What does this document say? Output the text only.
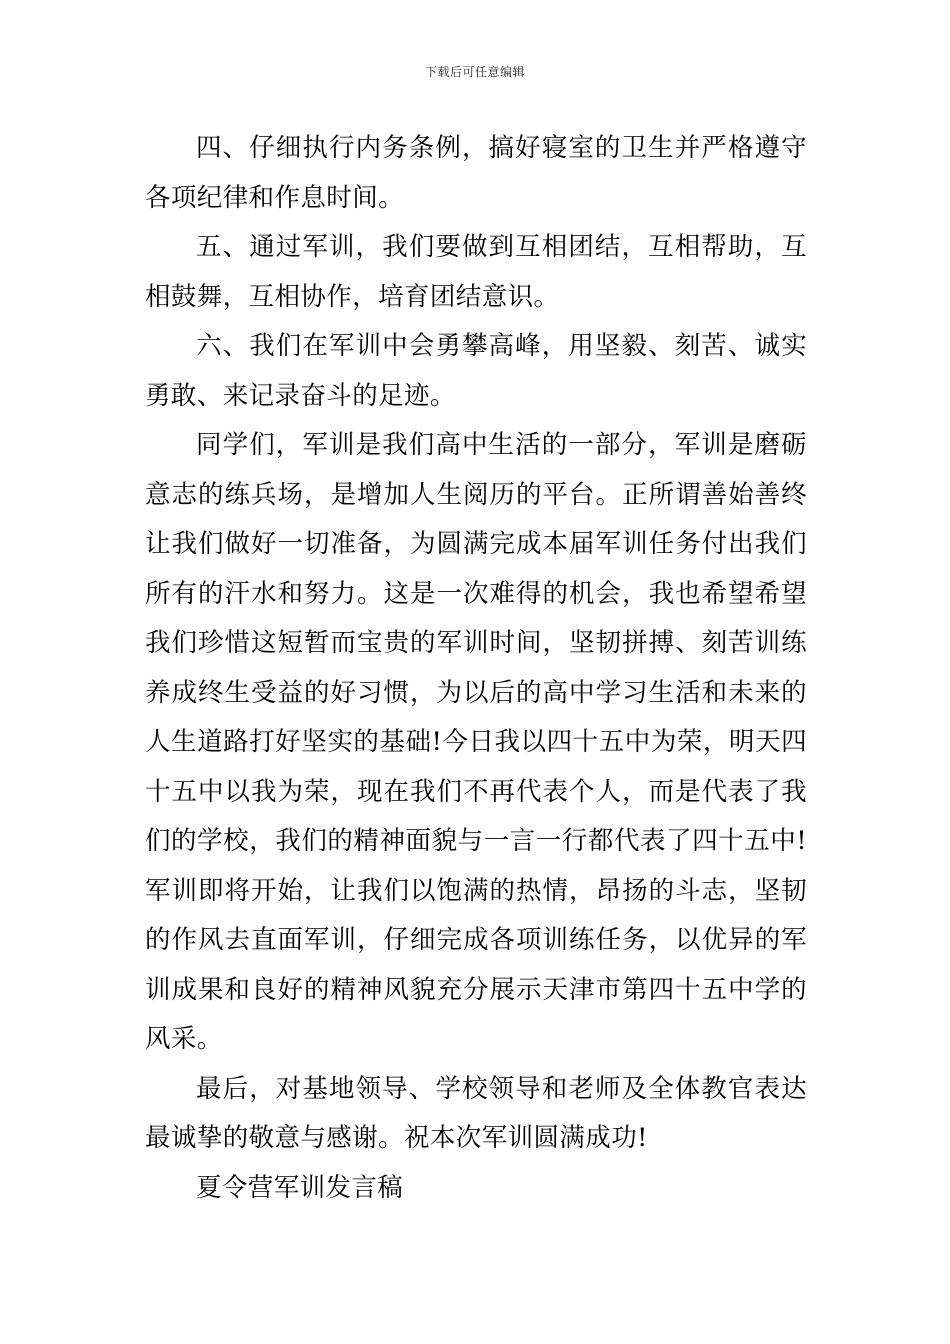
下载后可任意编辑

四、仔细执行内务条例，搞好寝室的卫生并严格遵守各项纪律和作息时间。

五、通过军训，我们要做到互相团结，互相帮助，互相鼓舞，互相协作，培育团结意识。

六、我们在军训中会勇攀高峰，用坚毅、刻苦、诚实勇敢、来记录奋斗的足迹。

同学们，军训是我们高中生活的一部分，军训是磨砺意志的练兵场，是增加人生阅历的平台。正所谓善始善终让我们做好一切准备，为圆满完成本届军训任务付出我们所有的汗水和努力。这是一次难得的机会，我也希望希望我们珍惜这短暂而宝贵的军训时间，坚韧拼搏、刻苦训练养成终生受益的好习惯，为以后的高中学习生活和未来的人生道路打好坚实的基础!今日我以四十五中为荣，明天四十五中以我为荣，现在我们不再代表个人，而是代表了我们的学校，我们的精神面貌与一言一行都代表了四十五中!军训即将开始，让我们以饱满的热情，昂扬的斗志，坚韧的作风去直面军训，仔细完成各项训练任务，以优异的军训成果和良好的精神风貌充分展示天津市第四十五中学的风采。

最后，对基地领导、学校领导和老师及全体教官表达最诚挚的敬意与感谢。祝本次军训圆满成功!

夏令营军训发言稿
